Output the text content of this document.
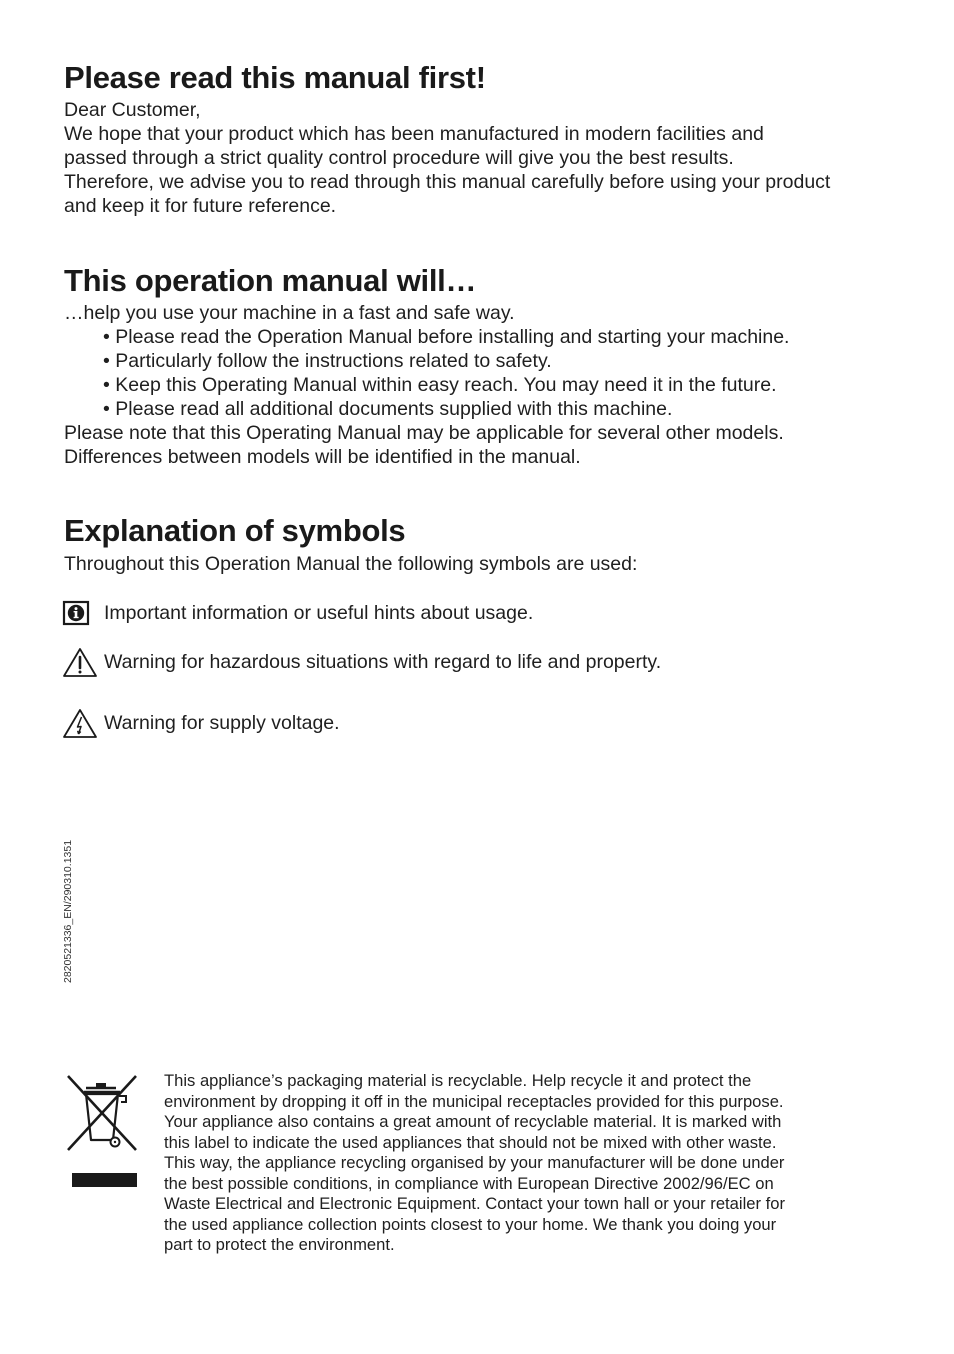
Please read this manual first!
Dear Customer,
We hope that your product which has been manufactured in modern facilities and
passed through a strict quality control procedure will give you the best results.
Therefore, we advise you to read through this manual carefully before using your product
and keep it for future reference.
This operation manual will…
…help you use your machine in a fast and safe way.
• Please read the Operation Manual before installing and starting your machine.
• Particularly follow the instructions related to safety.
• Keep this Operating Manual within easy reach. You may need it in the future.
• Please read all additional documents supplied with this machine.
Please note that this Operating Manual may be applicable for several other models.
Differences between models will be identified in the manual.
Explanation of symbols
Throughout this Operation Manual the following symbols are used:
Important information or useful hints about usage.
Warning for hazardous situations with regard to life and property.
Warning for supply voltage.
2820521336_EN/290310.1351
This appliance’s packaging material is recyclable. Help recycle it and protect the
environment by dropping it off in the municipal receptacles provided for this purpose.
Your appliance also contains a great amount of recyclable material. It is marked with
this label to indicate the used appliances that should not be mixed with other waste.
This way, the appliance recycling organised by your manufacturer will be done under
the best possible conditions, in compliance with European Directive 2002/96/EC on
Waste Electrical and Electronic Equipment. Contact your town hall or your retailer for
the used appliance collection points closest to your home. We thank you doing your
part to protect the environment.
